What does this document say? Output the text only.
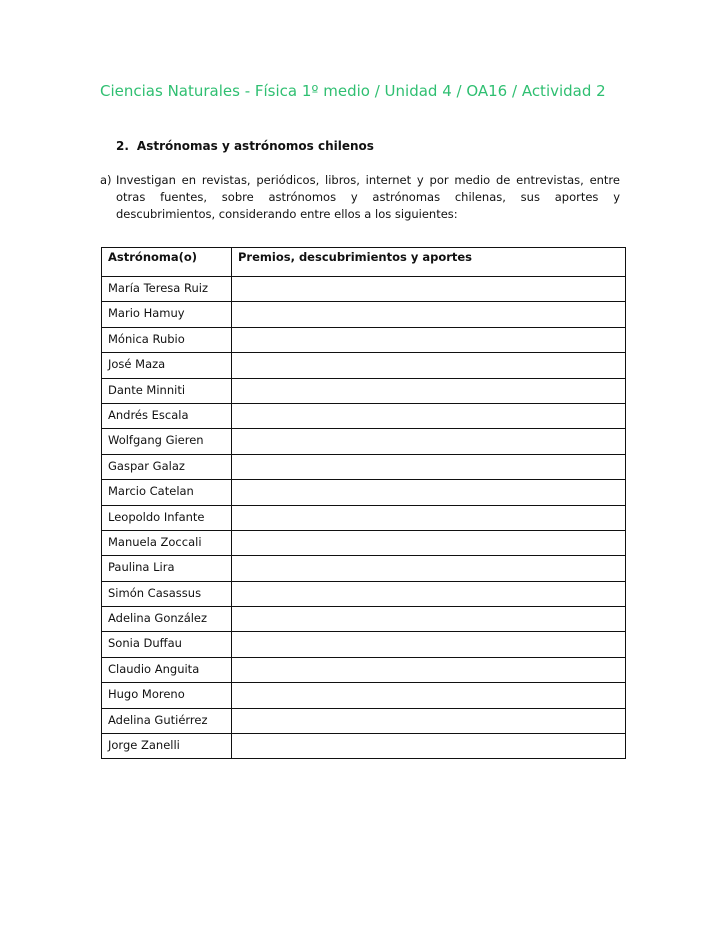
Ciencias Naturales - Física 1º medio / Unidad 4 / OA16 / Actividad 2
2. Astrónomas y astrónomos chilenos
a) Investigan en revistas, periódicos, libros, internet y por medio de entrevistas, entre otras fuentes, sobre astrónomos y astrónomas chilenas, sus aportes y descubrimientos, considerando entre ellos a los siguientes:
Astrónoma(o)	Premios, descubrimientos y aportes
María Teresa Ruiz	
Mario Hamuy	
Mónica Rubio	
José Maza	
Dante Minniti	
Andrés Escala	
Wolfgang Gieren	
Gaspar Galaz	
Marcio Catelan	
Leopoldo Infante	
Manuela Zoccali	
Paulina Lira	
Simón Casassus	
Adelina González	
Sonia Duffau	
Claudio Anguita	
Hugo Moreno	
Adelina Gutiérrez	
Jorge Zanelli	
